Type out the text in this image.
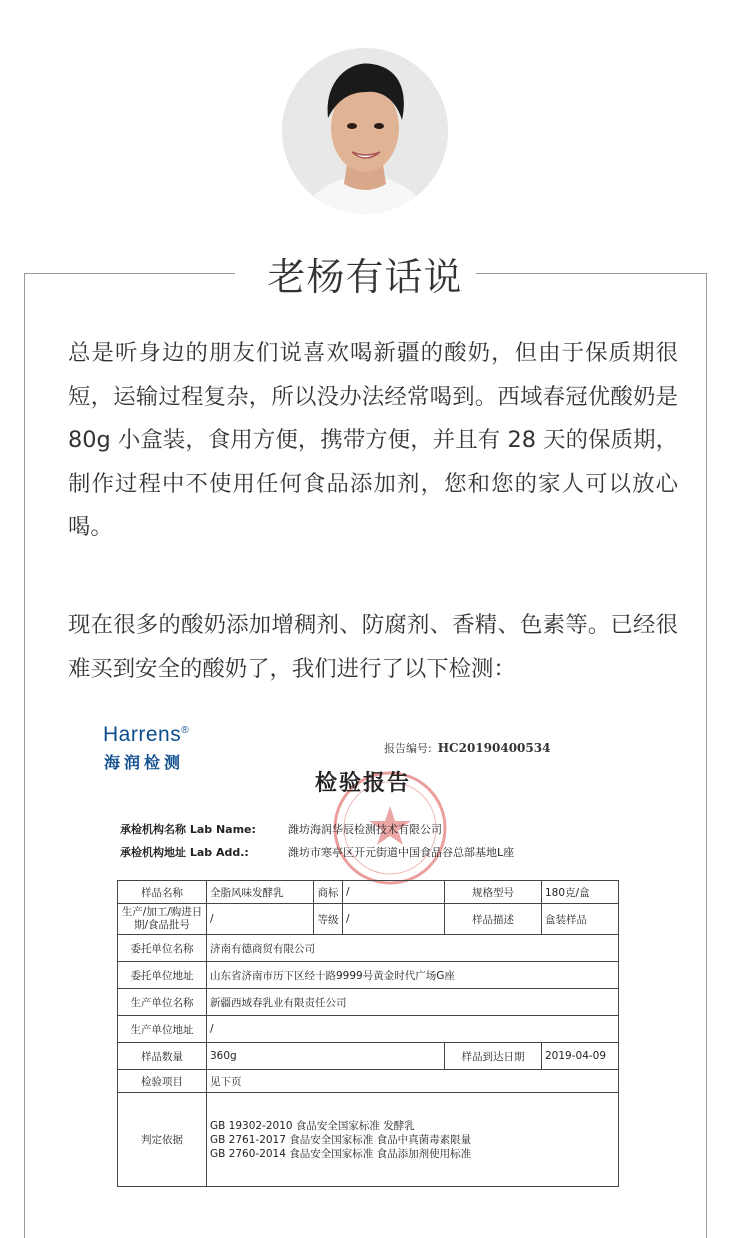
老杨有话说

总是听身边的朋友们说喜欢喝新疆的酸奶，但由于保质期很短，运输过程复杂，所以没办法经常喝到。西域春冠优酸奶是 80g 小盒装，食用方便，携带方便，并且有 28 天的保质期，制作过程中不使用任何食品添加剂，您和您的家人可以放心喝。

现在很多的酸奶添加增稠剂、防腐剂、香精、色素等。已经很难买到安全的酸奶了，我们进行了以下检测：

Harrens®
海润检测
报告编号: HC20190400534
检验报告
承检机构名称 Lab Name:	潍坊海润华辰检测技术有限公司
承检机构地址 Lab Add.:	潍坊市寒亭区开元街道中国食品谷总部基地L座
样品名称	全脂风味发酵乳	商标	/	规格型号	180克/盒
生产/加工/购进日期/食品批号	/	等级	/	样品描述	盒装样品
委托单位名称	济南有德商贸有限公司				
委托单位地址	山东省济南市历下区经十路9999号黄金时代广场G座				
生产单位名称	新疆西域春乳业有限责任公司				
生产单位地址	/				
样品数量	360g			样品到达日期	2019-04-09
检验项目	见下页				
判定依据	GB 19302-2010 食品安全国家标准 发酵乳
GB 2761-2017 食品安全国家标准 食品中真菌毒素限量
GB 2760-2014 食品安全国家标准 食品添加剂使用标准				
